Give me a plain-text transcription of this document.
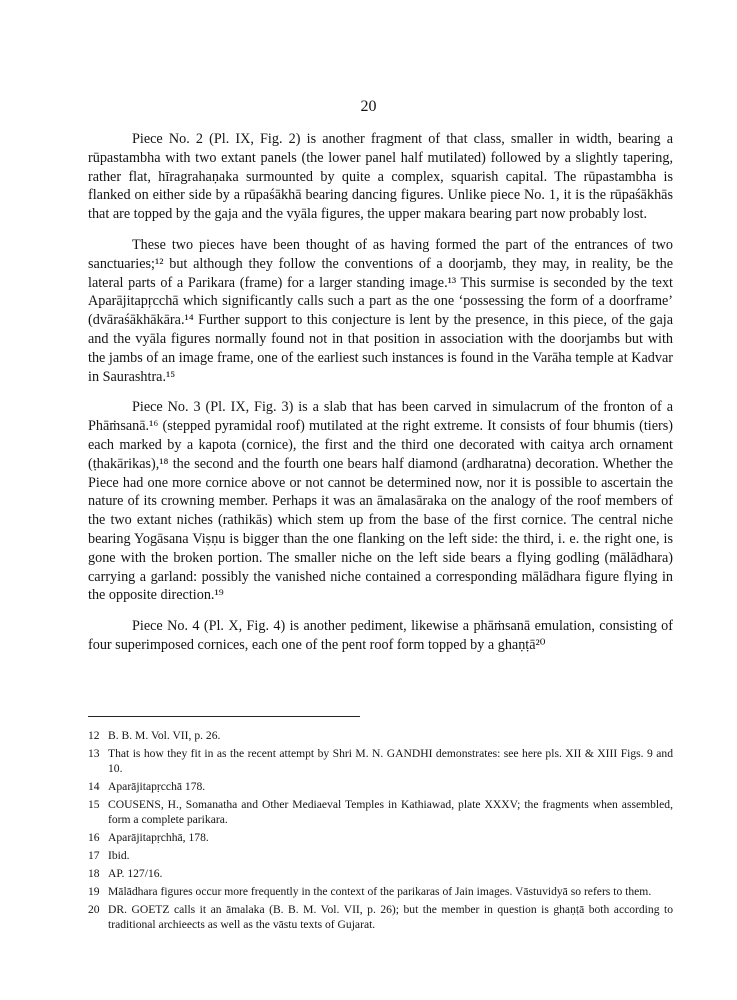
20

Piece No. 2 (Pl. IX, Fig. 2) is another fragment of that class, smaller in width, bearing a rūpastambha with two extant panels (the lower panel half mutilated) followed by a slightly tapering, rather flat, hīragrahaṇaka surmounted by quite a complex, squarish capital. The rūpastambha is flanked on either side by a rūpaśākhā bearing dancing figures. Unlike piece No. 1, it is the rūpaśākhās that are topped by the gaja and the vyāla figures, the upper makara bearing part now probably lost.

These two pieces have been thought of as having formed the part of the entrances of two sanctuaries;¹² but although they follow the conventions of a doorjamb, they may, in reality, be the lateral parts of a Parikara (frame) for a larger standing image.¹³ This surmise is seconded by the text Aparājitapṛcchā which significantly calls such a part as the one ‘possessing the form of a doorframe’ (dvāraśākhākāra.¹⁴ Further support to this conjecture is lent by the presence, in this piece, of the gaja and the vyāla figures normally found not in that position in association with the doorjambs but with the jambs of an image frame, one of the earliest such instances is found in the Varāha temple at Kadvar in Saurashtra.¹⁵

Piece No. 3 (Pl. IX, Fig. 3) is a slab that has been carved in simulacrum of the fronton of a Phāṁsanā.¹⁶ (stepped pyramidal roof) mutilated at the right extreme. It consists of four bhumis (tiers) each marked by a kapota (cornice), the first and the third one decorated with caitya arch ornament (ṭhakārikas),¹⁸ the second and the fourth one bears half diamond (ardharatna) decoration. Whether the Piece had one more cornice above or not cannot be determined now, nor it is possible to ascertain the nature of its crowning member. Perhaps it was an āmalasāraka on the analogy of the roof members of the two extant niches (rathikās) which stem up from the base of the first cornice. The central niche bearing Yogāsana Viṣṇu is bigger than the one flanking on the left side: the third, i. e. the right one, is gone with the broken portion. The smaller niche on the left side bears a flying godling (mālādhara) carrying a garland: possibly the vanished niche contained a corresponding mālādhara figure flying in the opposite direction.¹⁹

Piece No. 4 (Pl. X, Fig. 4) is another pediment, likewise a phāṁsanā emulation, consisting of four superimposed cornices, each one of the pent roof form topped by a ghaṇṭā²⁰

12 B. B. M. Vol. VII, p. 26.
13 That is how they fit in as the recent attempt by Shri M. N. GANDHI demonstrates: see here pls. XII & XIII Figs. 9 and 10.
14 Aparājitapṛcchā 178.
15 COUSENS, H., Somanatha and Other Mediaeval Temples in Kathiawad, plate XXXV; the fragments when assembled, form a complete parikara.
16 Aparājitapṛchhā, 178.
17 Ibid.
18 AP. 127/16.
19 Mālādhara figures occur more frequently in the context of the parikaras of Jain images. Vāstuvidyā so refers to them.
20 DR. GOETZ calls it an āmalaka (B. B. M. Vol. VII, p. 26); but the member in question is ghaṇṭā both according to traditional archieects as well as the vāstu texts of Gujarat.
